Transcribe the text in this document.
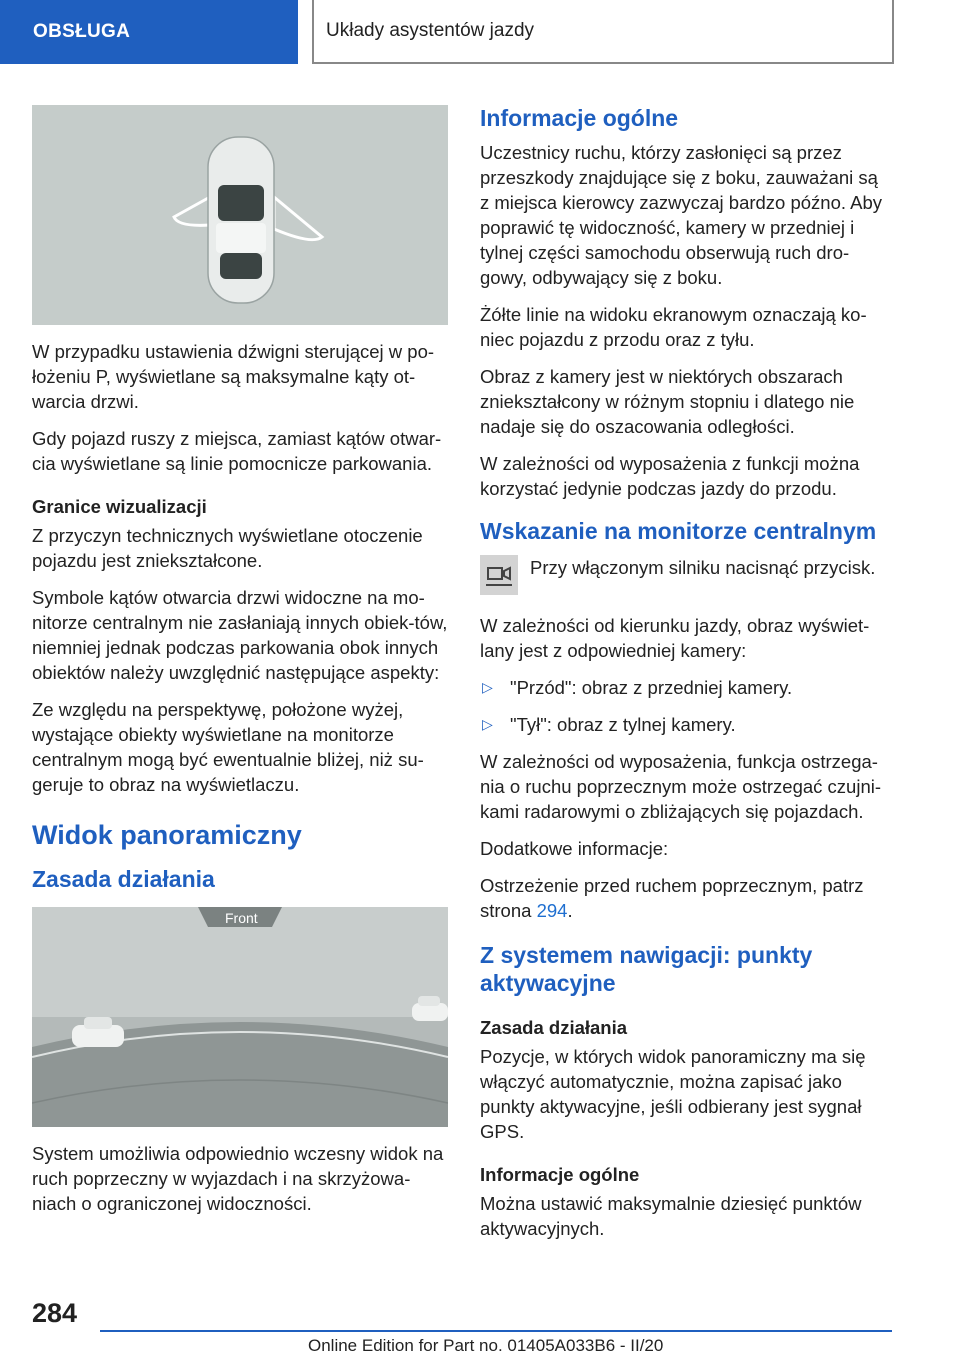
OBSŁUGA	Układy asystentów jazdy

W przypadku ustawienia dźwigni sterującej w po-łożeniu P, wyświetlane są maksymalne kąty ot-warcia drzwi.

Gdy pojazd ruszy z miejsca, zamiast kątów otwar-cia wyświetlane są linie pomocnicze parkowania.

Granice wizualizacji

Z przyczyn technicznych wyświetlane otoczenie pojazdu jest zniekształcone.

Symbole kątów otwarcia drzwi widoczne na mo-nitorze centralnym nie zasłaniają innych obiek-tów, niemniej jednak podczas parkowania obok innych obiektów należy uwzględnić następujące aspekty:

Ze względu na perspektywę, położone wyżej, wystające obiekty wyświetlane na monitorze centralnym mogą być ewentualnie bliżej, niż su-geruje to obraz na wyświetlaczu.

Widok panoramiczny
Zasada działania
Front

System umożliwia odpowiednio wczesny widok na ruch poprzeczny w wyjazdach i na skrzyżowa-niach o ograniczonej widoczności.

Informacje ogólne

Uczestnicy ruchu, którzy zasłonięci są przez przeszkody znajdujące się z boku, zauważani są z miejsca kierowcy zazwyczaj bardzo późno. Aby poprawić tę widoczność, kamery w przedniej i tylnej części samochodu obserwują ruch dro-gowy, odbywający się z boku.

Żółte linie na widoku ekranowym oznaczają ko-niec pojazdu z przodu oraz z tyłu.

Obraz z kamery jest w niektórych obszarach zniekształcony w różnym stopniu i dlatego nie nadaje się do oszacowania odległości.

W zależności od wyposażenia z funkcji można korzystać jedynie podczas jazdy do przodu.

Wskazanie na monitorze centralnym

Przy włączonym silniku nacisnąć przycisk.

W zależności od kierunku jazdy, obraz wyświet-lany jest z odpowiedniej kamery:

▷ "Przód": obraz z przedniej kamery.
▷ "Tył": obraz z tylnej kamery.

W zależności od wyposażenia, funkcja ostrzega-nia o ruchu poprzecznym może ostrzegać czujni-kami radarowymi o zbliżających się pojazdach.

Dodatkowe informacje:

Ostrzeżenie przed ruchem poprzecznym, patrz strona 294.

Z systemem nawigacji: punkty aktywacyjne
Zasada działania

Pozycje, w których widok panoramiczny ma się włączyć automatycznie, można zapisać jako punkty aktywacyjne, jeśli odbierany jest sygnał GPS.

Informacje ogólne

Można ustawić maksymalnie dziesięć punktów aktywacyjnych.

284
Online Edition for Part no. 01405A033B6 - II/20
